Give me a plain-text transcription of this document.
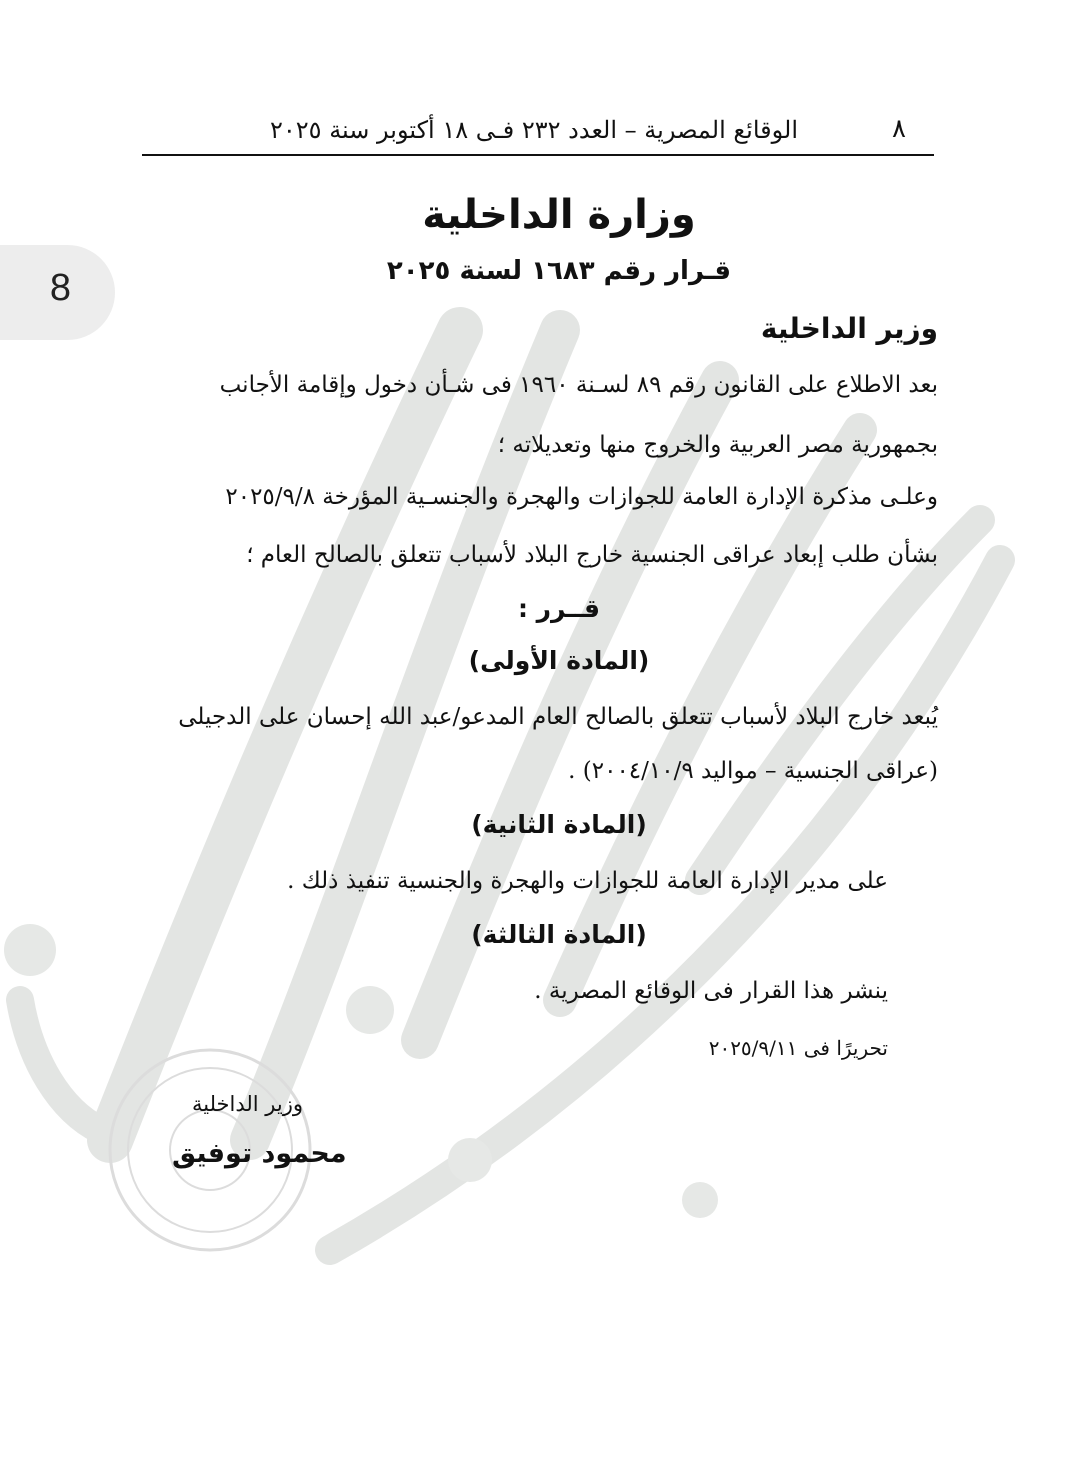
8
٨
الوقائع المصرية – العدد ٢٣٢ فـى ١٨ أكتوبر سنة ٢٠٢٥
وزارة الداخلية
قـرار رقم ١٦٨٣ لسنة ٢٠٢٥
وزير الداخلية
بعد الاطلاع على القانون رقم ٨٩ لسـنة ١٩٦٠ فى شـأن دخول وإقامة الأجانب
بجمهورية مصر العربية والخروج منها وتعديلاته ؛
وعلـى مذكرة الإدارة العامة للجوازات والهجرة والجنسـية المؤرخة ٢٠٢٥/٩/٨
بشأن طلب إبعاد عراقى الجنسية خارج البلاد لأسباب تتعلق بالصالح العام ؛
قــرر :
(المادة الأولى)
يُبعد خارج البلاد لأسباب تتعلق بالصالح العام المدعو/عبد الله إحسان على الدجيلى
(عراقى الجنسية – مواليد ٢٠٠٤/١٠/٩) .
(المادة الثانية)
على مدير الإدارة العامة للجوازات والهجرة والجنسية تنفيذ ذلك .
(المادة الثالثة)
ينشر هذا القرار فى الوقائع المصرية .
تحريرًا فى ٢٠٢٥/٩/١١
وزير الداخلية
محمود توفيق
